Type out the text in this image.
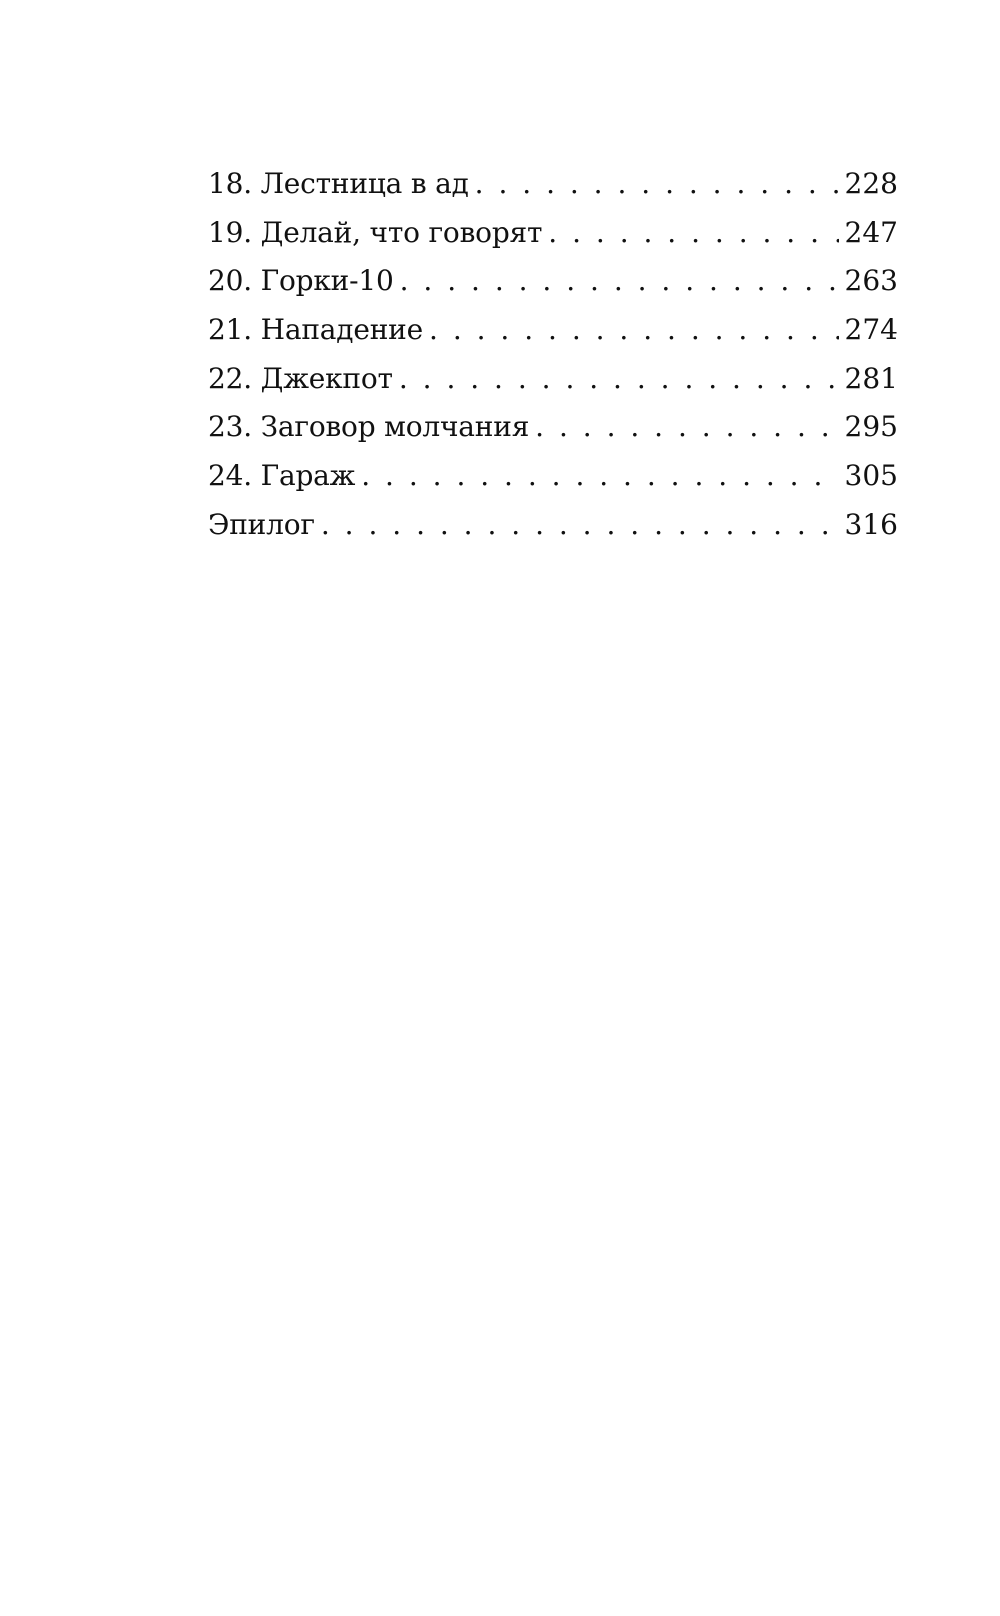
18. Лестница в ад . . .	228
19. Делай, что говорят . . .	247
20. Горки-10 . . .	263
21. Нападение . . .	274
22. Джекпот . . .	281
23. Заговор молчания . . .	295
24. Гараж . . .	305
Эпилог . . .	316
